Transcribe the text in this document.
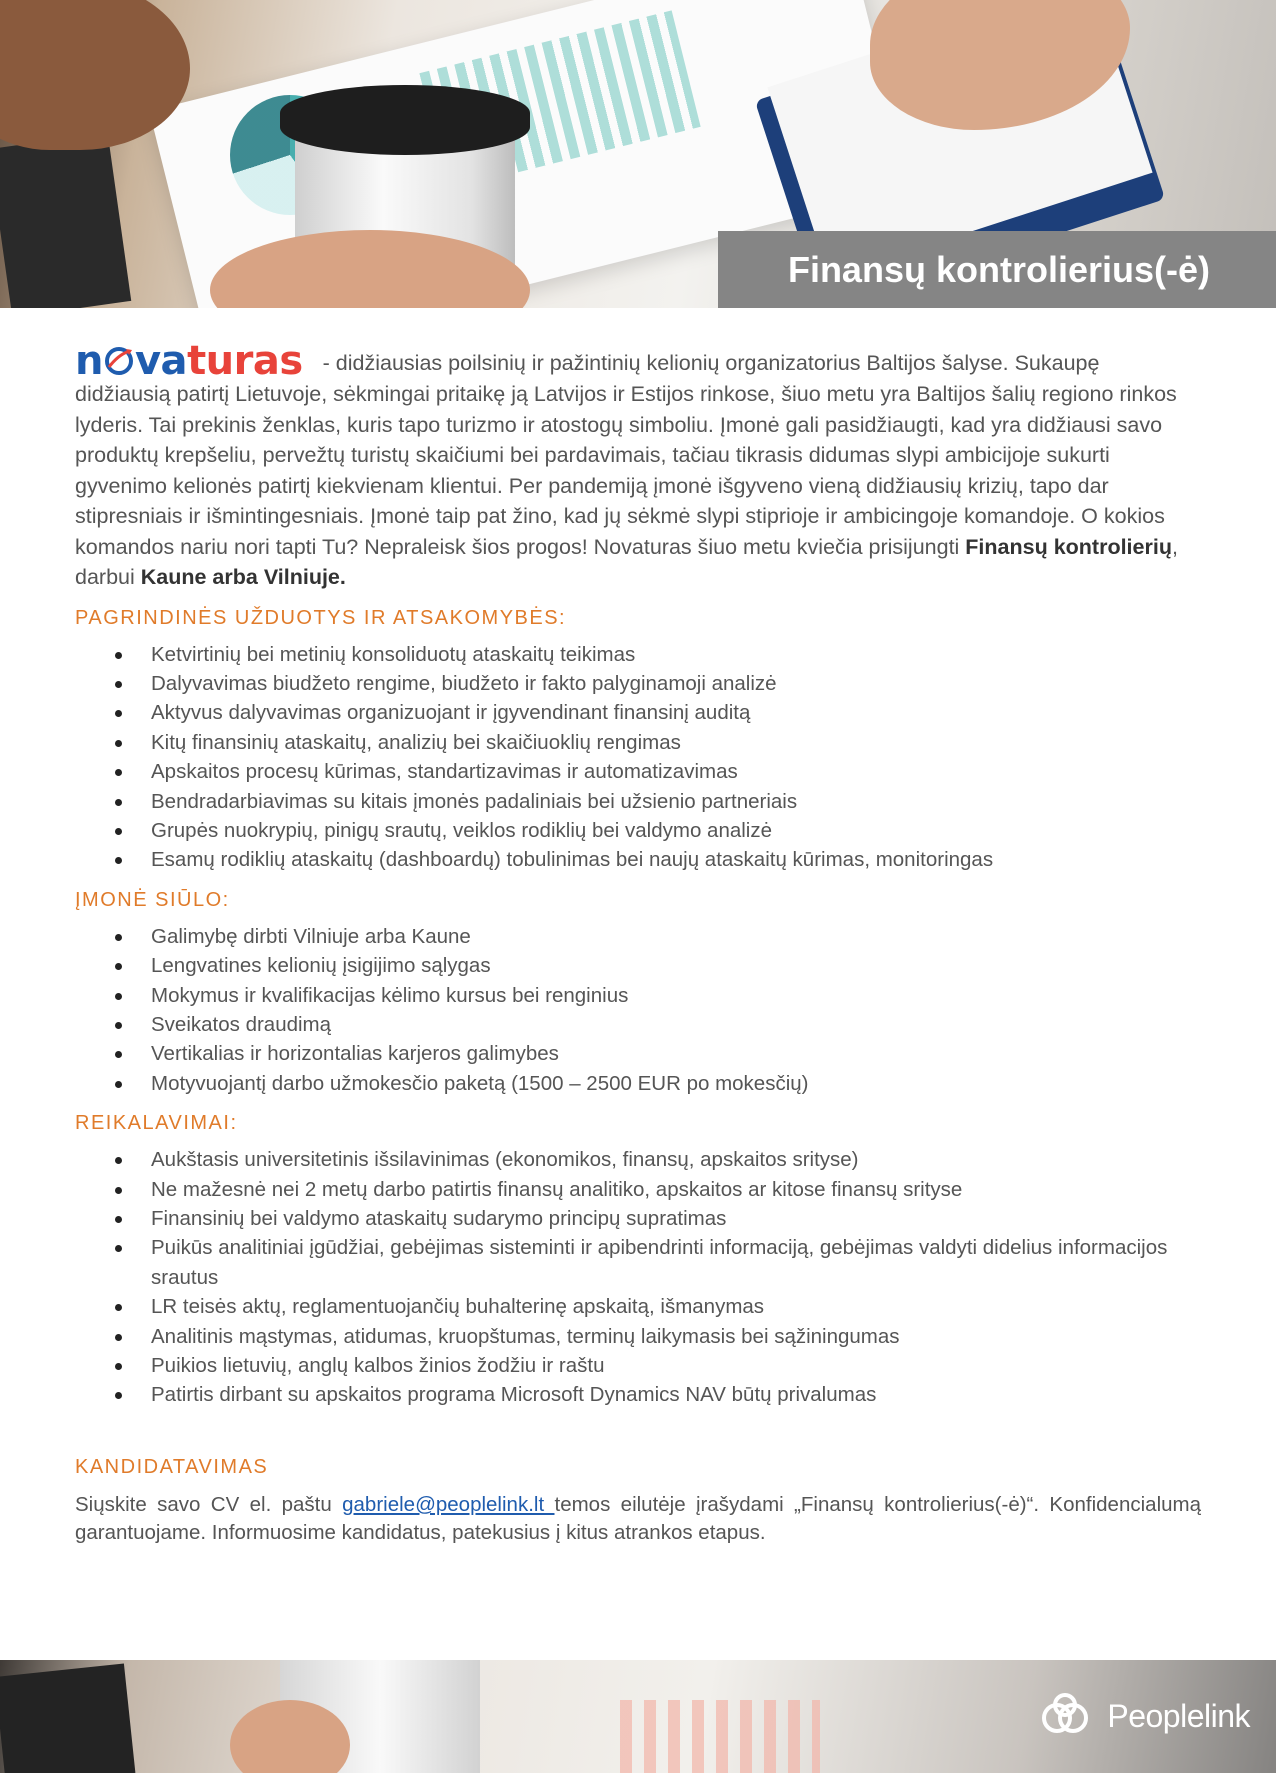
Finansų kontrolierius(-ė)

n vaturas - didžiausias poilsinių ir pažintinių kelionių organizatorius Baltijos šalyse. Sukaupę didžiausią patirtį Lietuvoje, sėkmingai pritaikę ją Latvijos ir Estijos rinkose, šiuo metu yra Baltijos šalių regiono rinkos lyderis. Tai prekinis ženklas, kuris tapo turizmo ir atostogų simboliu. Įmonė gali pasidžiaugti, kad yra didžiausi savo produktų krepšeliu, pervežtų turistų skaičiumi bei pardavimais, tačiau tikrasis didumas slypi ambicijoje sukurti gyvenimo kelionės patirtį kiekvienam klientui. Per pandemiją įmonė išgyveno vieną didžiausių krizių, tapo dar stipresniais ir išmintingesniais. Įmonė taip pat žino, kad jų sėkmė slypi stiprioje ir ambicingoje komandoje. O kokios komandos nariu nori tapti Tu? Nepraleisk šios progos! Novaturas šiuo metu kviečia prisijungti Finansų kontrolierių, darbui Kaune arba Vilniuje.

PAGRINDINĖS UŽDUOTYS IR ATSAKOMYBĖS:
Ketvirtinių bei metinių konsoliduotų ataskaitų teikimas
Dalyvavimas biudžeto rengime, biudžeto ir fakto palyginamoji analizė
Aktyvus dalyvavimas organizuojant ir įgyvendinant finansinį auditą
Kitų finansinių ataskaitų, analizių bei skaičiuoklių rengimas
Apskaitos procesų kūrimas, standartizavimas ir automatizavimas
Bendradarbiavimas su kitais įmonės padaliniais bei užsienio partneriais
Grupės nuokrypių, pinigų srautų, veiklos rodiklių bei valdymo analizė
Esamų rodiklių ataskaitų (dashboardų) tobulinimas bei naujų ataskaitų kūrimas, monitoringas
ĮMONĖ SIŪLO:
Galimybę dirbti Vilniuje arba Kaune
Lengvatines kelionių įsigijimo sąlygas
Mokymus ir kvalifikacijas kėlimo kursus bei renginius
Sveikatos draudimą
Vertikalias ir horizontalias karjeros galimybes
Motyvuojantį darbo užmokesčio paketą (1500 – 2500 EUR po mokesčių)
REIKALAVIMAI:
Aukštasis universitetinis išsilavinimas (ekonomikos, finansų, apskaitos srityse)
Ne mažesnė nei 2 metų darbo patirtis finansų analitiko, apskaitos ar kitose finansų srityse
Finansinių bei valdymo ataskaitų sudarymo principų supratimas
Puikūs analitiniai įgūdžiai, gebėjimas sisteminti ir apibendrinti informaciją, gebėjimas valdyti didelius informacijos srautus
LR teisės aktų, reglamentuojančių buhalterinę apskaitą, išmanymas
Analitinis mąstymas, atidumas, kruopštumas, terminų laikymasis bei sąžiningumas
Puikios lietuvių, anglų kalbos žinios žodžiu ir raštu
Patirtis dirbant su apskaitos programa Microsoft Dynamics NAV būtų privalumas
KANDIDATAVIMAS

Siųskite savo CV el. paštu gabriele@peoplelink.lt temos eilutėje įrašydami „Finansų kontrolierius(-ė)“. Konfidencialumą garantuojame. Informuosime kandidatus, patekusius į kitus atrankos etapus.

Peoplelink
